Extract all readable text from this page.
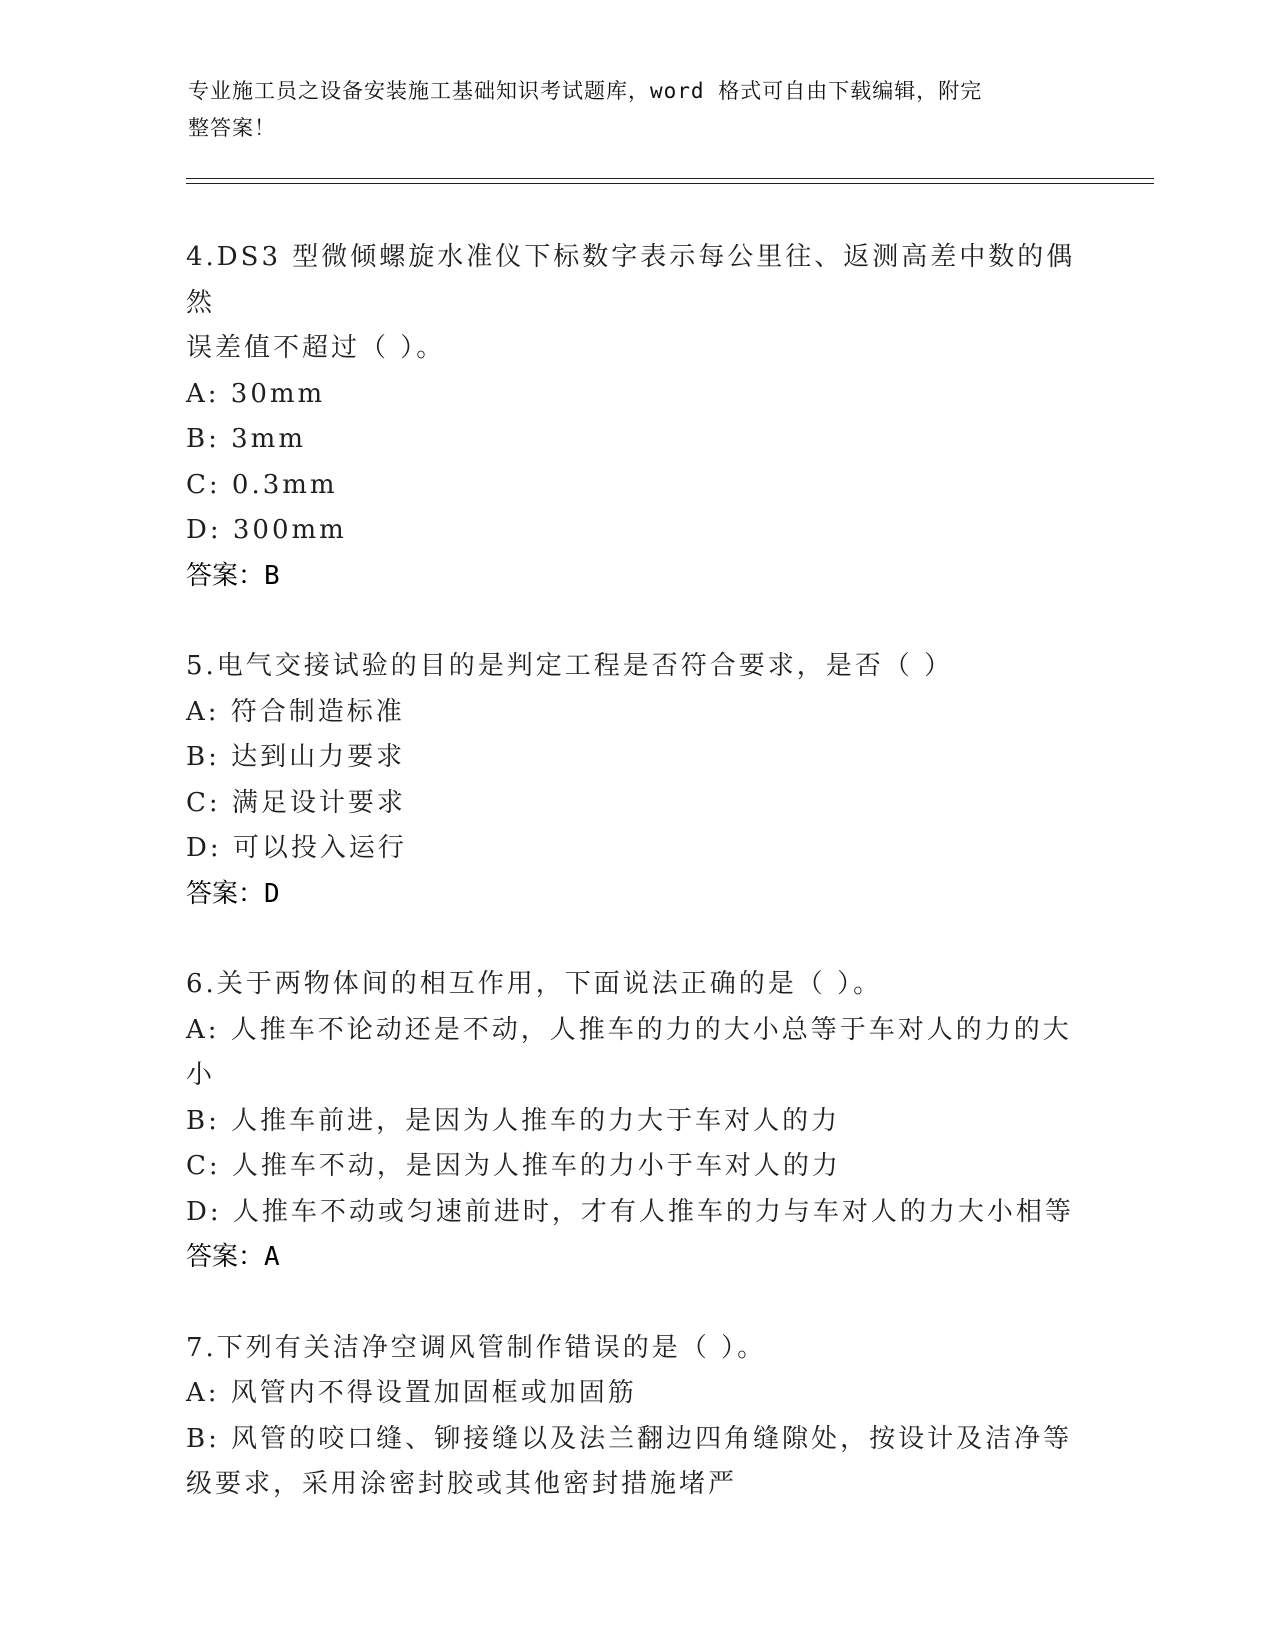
专业施工员之设备安装施工基础知识考试题库，word 格式可自由下载编辑，附完
整答案！
4.DS3 型微倾螺旋水准仪下标数字表示每公里往、返测高差中数的偶然
误差值不超过（ ）。
A: 30mm
B: 3mm
C: 0.3mm
D: 300mm
答案：B
5.电气交接试验的目的是判定工程是否符合要求，是否（ ）
A: 符合制造标准
B: 达到山力要求
C: 满足设计要求
D: 可以投入运行
答案：D
6.关于两物体间的相互作用，下面说法正确的是（ ）。
A: 人推车不论动还是不动，人推车的力的大小总等于车对人的力的大
小
B: 人推车前进，是因为人推车的力大于车对人的力
C: 人推车不动，是因为人推车的力小于车对人的力
D: 人推车不动或匀速前进时，才有人推车的力与车对人的力大小相等
答案：A
7.下列有关洁净空调风管制作错误的是（ ）。
A: 风管内不得设置加固框或加固筋
B: 风管的咬口缝、铆接缝以及法兰翻边四角缝隙处，按设计及洁净等
级要求，采用涂密封胶或其他密封措施堵严
